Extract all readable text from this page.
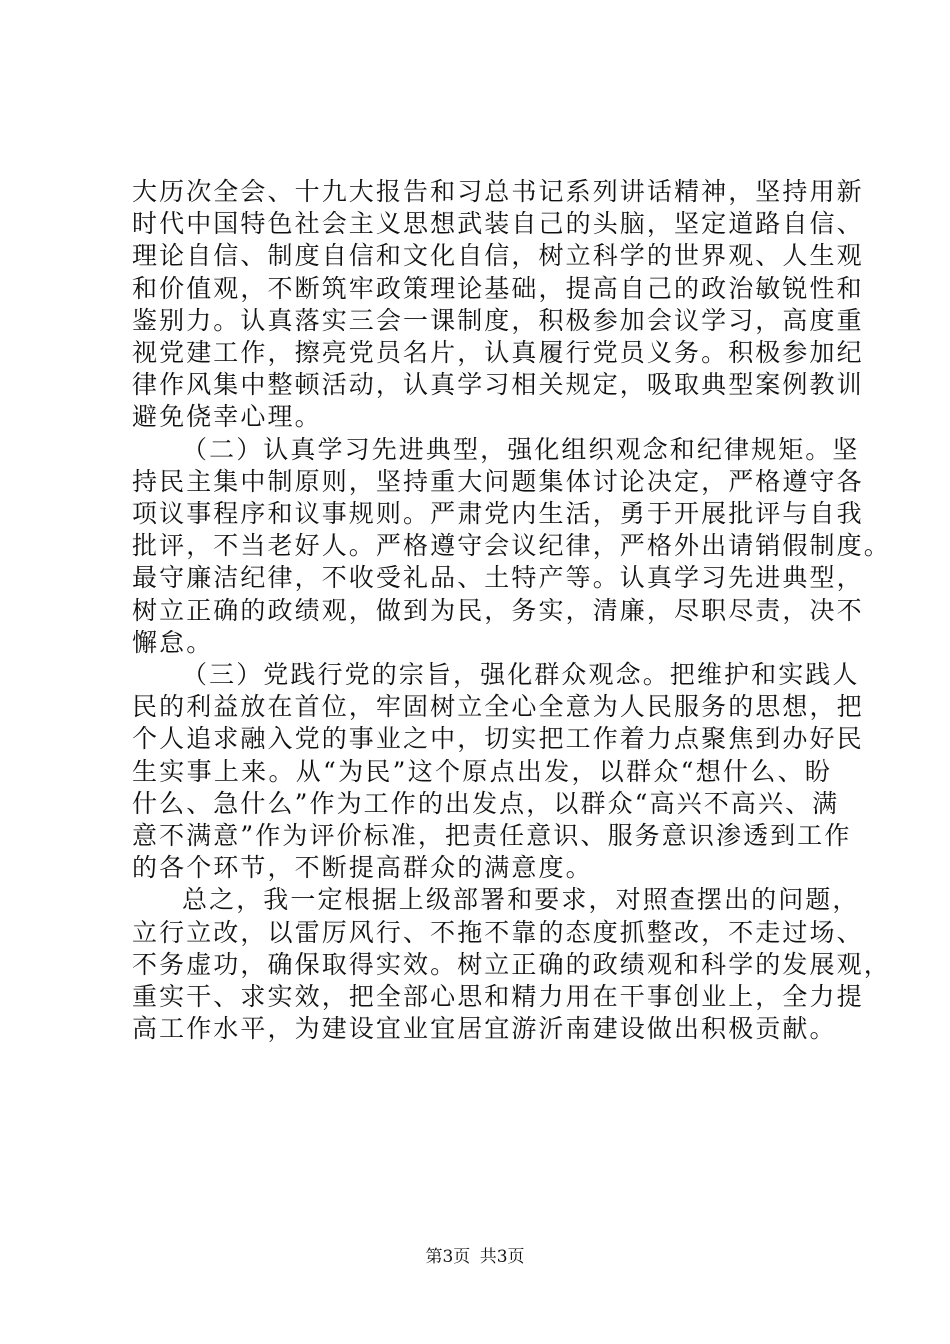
大历次全会、十九大报告和习总书记系列讲话精神，坚持用新
时代中国特色社会主义思想武装自己的头脑，坚定道路自信、
理论自信、制度自信和文化自信，树立科学的世界观、人生观
和价值观，不断筑牢政策理论基础，提高自己的政治敏锐性和
鉴别力。认真落实三会一课制度，积极参加会议学习，高度重
视党建工作，擦亮党员名片，认真履行党员义务。积极参加纪
律作风集中整顿活动，认真学习相关规定，吸取典型案例教训
避免侥幸心理。
（二）认真学习先进典型，强化组织观念和纪律规矩。坚
持民主集中制原则，坚持重大问题集体讨论决定，严格遵守各
项议事程序和议事规则。严肃党内生活，勇于开展批评与自我
批评，不当老好人。严格遵守会议纪律，严格外出请销假制度。
最守廉洁纪律，不收受礼品、土特产等。认真学习先进典型，
树立正确的政绩观，做到为民，务实，清廉，尽职尽责，决不
懈怠。
（三）党践行党的宗旨，强化群众观念。把维护和实践人
民的利益放在首位，牢固树立全心全意为人民服务的思想，把
个人追求融入党的事业之中，切实把工作着力点聚焦到办好民
生实事上来。从“为民”这个原点出发，以群众“想什么、盼
什么、急什么”作为工作的出发点，以群众“高兴不高兴、满
意不满意”作为评价标准，把责任意识、服务意识渗透到工作
的各个环节，不断提高群众的满意度。
总之，我一定根据上级部署和要求，对照查摆出的问题，
立行立改，以雷厉风行、不拖不靠的态度抓整改，不走过场、
不务虚功，确保取得实效。树立正确的政绩观和科学的发展观，
重实干、求实效，把全部心思和精力用在干事创业上，全力提
高工作水平，为建设宜业宜居宜游沂南建设做出积极贡献。
第3页 共3页
